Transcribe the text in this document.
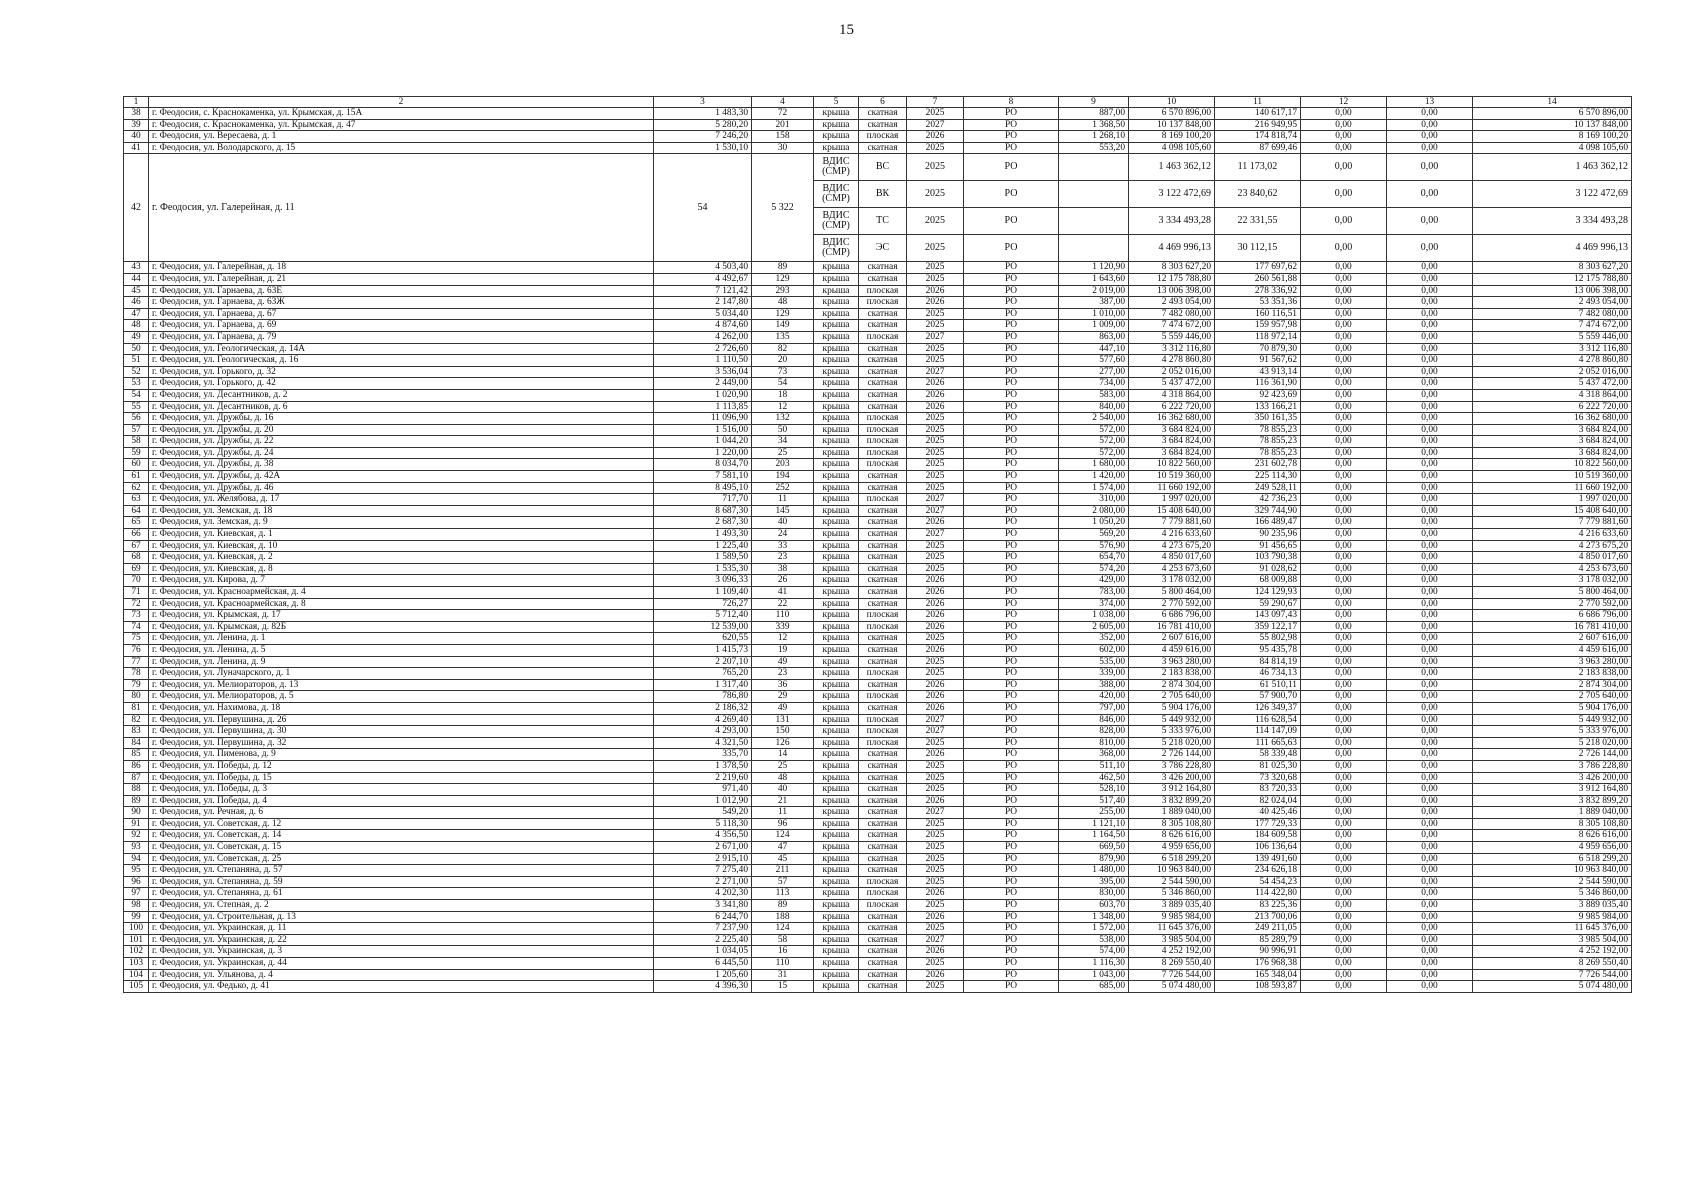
15
1	2	3	4	5	6	7	8	9	10	11	12	13	14
38	г. Феодосия, с. Краснокаменка, ул. Крымская, д. 15А	1 483,30	72	крыша	скатная	2025	РО	887,00	6 570 896,00	140 617,17	0,00	0,00	6 570 896,00
39	г. Феодосия, с. Краснокаменка, ул. Крымская, д. 47	5 280,20	201	крыша	скатная	2027	РО	1 368,50	10 137 848,00	216 949,95	0,00	0,00	10 137 848,00
40	г. Феодосия, ул. Вересаева, д. 1	7 246,20	158	крыша	плоская	2026	РО	1 268,10	8 169 100,20	174 818,74	0,00	0,00	8 169 100,20
41	г. Феодосия, ул. Володарского, д. 15	1 530,10	30	крыша	скатная	2025	РО	553,20	4 098 105,60	87 699,46	0,00	0,00	4 098 105,60
42	г. Феодосия, ул. Галерейная, д. 11	54	5 322	ВДИС (СМР)	ВС	2025	РО		1 463 362,12	11 173,02	0,00	0,00	1 463 362,12
				ВДИС (СМР)	ВК	2025	РО		3 122 472,69	23 840,62	0,00	0,00	3 122 472,69
				ВДИС (СМР)	ТС	2025	РО		3 334 493,28	22 331,55	0,00	0,00	3 334 493,28
				ВДИС (СМР)	ЭС	2025	РО		4 469 996,13	30 112,15	0,00	0,00	4 469 996,13
43	г. Феодосия, ул. Галерейная, д. 18	4 503,40	89	крыша	скатная	2025	РО	1 120,90	8 303 627,20	177 697,62	0,00	0,00	8 303 627,20
44	г. Феодосия, ул. Галерейная, д. 21	4 492,67	129	крыша	скатная	2025	РО	1 643,60	12 175 788,80	260 561,88	0,00	0,00	12 175 788,80
45	г. Феодосия, ул. Гарнаева, д. 63Е	7 121,42	293	крыша	плоская	2026	РО	2 019,00	13 006 398,00	278 336,92	0,00	0,00	13 006 398,00
46	г. Феодосия, ул. Гарнаева, д. 63Ж	2 147,80	48	крыша	плоская	2026	РО	387,00	2 493 054,00	53 351,36	0,00	0,00	2 493 054,00
47	г. Феодосия, ул. Гарнаева, д. 67	5 034,40	129	крыша	скатная	2025	РО	1 010,00	7 482 080,00	160 116,51	0,00	0,00	7 482 080,00
48	г. Феодосия, ул. Гарнаева, д. 69	4 874,60	149	крыша	скатная	2025	РО	1 009,00	7 474 672,00	159 957,98	0,00	0,00	7 474 672,00
49	г. Феодосия, ул. Гарнаева, д. 79	4 262,00	135	крыша	плоская	2027	РО	863,00	5 559 446,00	118 972,14	0,00	0,00	5 559 446,00
50	г. Феодосия, ул. Геологическая, д. 14А	2 726,60	82	крыша	скатная	2025	РО	447,10	3 312 116,80	70 879,30	0,00	0,00	3 312 116,80
51	г. Феодосия, ул. Геологическая, д. 16	1 110,50	20	крыша	скатная	2025	РО	577,60	4 278 860,80	91 567,62	0,00	0,00	4 278 860,80
52	г. Феодосия, ул. Горького, д. 32	3 536,04	73	крыша	скатная	2027	РО	277,00	2 052 016,00	43 913,14	0,00	0,00	2 052 016,00
53	г. Феодосия, ул. Горького, д. 42	2 449,00	54	крыша	скатная	2026	РО	734,00	5 437 472,00	116 361,90	0,00	0,00	5 437 472,00
54	г. Феодосия, ул. Десантников, д. 2	1 020,90	18	крыша	скатная	2026	РО	583,00	4 318 864,00	92 423,69	0,00	0,00	4 318 864,00
55	г. Феодосия, ул. Десантников, д. 6	1 113,85	12	крыша	скатная	2026	РО	840,00	6 222 720,00	133 166,21	0,00	0,00	6 222 720,00
56	г. Феодосия, ул. Дружбы, д. 16	11 096,90	132	крыша	плоская	2025	РО	2 540,00	16 362 680,00	350 161,35	0,00	0,00	16 362 680,00
57	г. Феодосия, ул. Дружбы, д. 20	1 516,00	50	крыша	плоская	2025	РО	572,00	3 684 824,00	78 855,23	0,00	0,00	3 684 824,00
58	г. Феодосия, ул. Дружбы, д. 22	1 044,20	34	крыша	плоская	2025	РО	572,00	3 684 824,00	78 855,23	0,00	0,00	3 684 824,00
59	г. Феодосия, ул. Дружбы, д. 24	1 220,00	25	крыша	плоская	2025	РО	572,00	3 684 824,00	78 855,23	0,00	0,00	3 684 824,00
60	г. Феодосия, ул. Дружбы, д. 38	8 034,70	203	крыша	плоская	2025	РО	1 680,00	10 822 560,00	231 602,78	0,00	0,00	10 822 560,00
61	г. Феодосия, ул. Дружбы, д. 42А	7 581,10	194	крыша	скатная	2025	РО	1 420,00	10 519 360,00	225 114,30	0,00	0,00	10 519 360,00
62	г. Феодосия, ул. Дружбы, д. 46	8 495,10	252	крыша	скатная	2025	РО	1 574,00	11 660 192,00	249 528,11	0,00	0,00	11 660 192,00
63	г. Феодосия, ул. Желябова, д. 17	717,70	11	крыша	плоская	2027	РО	310,00	1 997 020,00	42 736,23	0,00	0,00	1 997 020,00
64	г. Феодосия, ул. Земская, д. 18	8 687,30	145	крыша	скатная	2027	РО	2 080,00	15 408 640,00	329 744,90	0,00	0,00	15 408 640,00
65	г. Феодосия, ул. Земская, д. 9	2 687,30	40	крыша	скатная	2026	РО	1 050,20	7 779 881,60	166 489,47	0,00	0,00	7 779 881,60
66	г. Феодосия, ул. Киевская, д. 1	1 493,30	24	крыша	скатная	2027	РО	569,20	4 216 633,60	90 235,96	0,00	0,00	4 216 633,60
67	г. Феодосия, ул. Киевская, д. 10	1 225,40	33	крыша	скатная	2025	РО	576,90	4 273 675,20	91 456,65	0,00	0,00	4 273 675,20
68	г. Феодосия, ул. Киевская, д. 2	1 589,50	23	крыша	скатная	2025	РО	654,70	4 850 017,60	103 790,38	0,00	0,00	4 850 017,60
69	г. Феодосия, ул. Киевская, д. 8	1 535,30	38	крыша	скатная	2025	РО	574,20	4 253 673,60	91 028,62	0,00	0,00	4 253 673,60
70	г. Феодосия, ул. Кирова, д. 7	3 096,33	26	крыша	скатная	2026	РО	429,00	3 178 032,00	68 009,88	0,00	0,00	3 178 032,00
71	г. Феодосия, ул. Красноармейская, д. 4	1 109,40	41	крыша	скатная	2026	РО	783,00	5 800 464,00	124 129,93	0,00	0,00	5 800 464,00
72	г. Феодосия, ул. Красноармейская, д. 8	726,27	22	крыша	скатная	2026	РО	374,00	2 770 592,00	59 290,67	0,00	0,00	2 770 592,00
73	г. Феодосия, ул. Крымская, д. 17	5 712,40	110	крыша	плоская	2026	РО	1 038,00	6 686 796,00	143 097,43	0,00	0,00	6 686 796,00
74	г. Феодосия, ул. Крымская, д. 82Б	12 539,00	339	крыша	плоская	2026	РО	2 605,00	16 781 410,00	359 122,17	0,00	0,00	16 781 410,00
75	г. Феодосия, ул. Ленина, д. 1	620,55	12	крыша	скатная	2025	РО	352,00	2 607 616,00	55 802,98	0,00	0,00	2 607 616,00
76	г. Феодосия, ул. Ленина, д. 5	1 415,73	19	крыша	скатная	2026	РО	602,00	4 459 616,00	95 435,78	0,00	0,00	4 459 616,00
77	г. Феодосия, ул. Ленина, д. 9	2 207,10	49	крыша	скатная	2025	РО	535,00	3 963 280,00	84 814,19	0,00	0,00	3 963 280,00
78	г. Феодосия, ул. Луначарского, д. 1	765,20	23	крыша	плоская	2025	РО	339,00	2 183 838,00	46 734,13	0,00	0,00	2 183 838,00
79	г. Феодосия, ул. Мелиораторов, д. 13	1 317,40	36	крыша	скатная	2026	РО	388,00	2 874 304,00	61 510,11	0,00	0,00	2 874 304,00
80	г. Феодосия, ул. Мелиораторов, д. 5	786,80	29	крыша	плоская	2026	РО	420,00	2 705 640,00	57 900,70	0,00	0,00	2 705 640,00
81	г. Феодосия, ул. Нахимова, д. 18	2 186,32	49	крыша	скатная	2026	РО	797,00	5 904 176,00	126 349,37	0,00	0,00	5 904 176,00
82	г. Феодосия, ул. Первушина, д. 26	4 269,40	131	крыша	плоская	2027	РО	846,00	5 449 932,00	116 628,54	0,00	0,00	5 449 932,00
83	г. Феодосия, ул. Первушина, д. 30	4 293,00	150	крыша	плоская	2027	РО	828,00	5 333 976,00	114 147,09	0,00	0,00	5 333 976,00
84	г. Феодосия, ул. Первушина, д. 32	4 321,50	126	крыша	плоская	2025	РО	810,00	5 218 020,00	111 665,63	0,00	0,00	5 218 020,00
85	г. Феодосия, ул. Пименова, д. 9	335,70	14	крыша	скатная	2026	РО	368,00	2 726 144,00	58 339,48	0,00	0,00	2 726 144,00
86	г. Феодосия, ул. Победы, д. 12	1 378,50	25	крыша	скатная	2025	РО	511,10	3 786 228,80	81 025,30	0,00	0,00	3 786 228,80
87	г. Феодосия, ул. Победы, д. 15	2 219,60	48	крыша	скатная	2025	РО	462,50	3 426 200,00	73 320,68	0,00	0,00	3 426 200,00
88	г. Феодосия, ул. Победы, д. 3	971,40	40	крыша	скатная	2025	РО	528,10	3 912 164,80	83 720,33	0,00	0,00	3 912 164,80
89	г. Феодосия, ул. Победы, д. 4	1 012,90	21	крыша	скатная	2026	РО	517,40	3 832 899,20	82 024,04	0,00	0,00	3 832 899,20
90	г. Феодосия, ул. Речная, д. 6	549,20	11	крыша	скатная	2027	РО	255,00	1 889 040,00	40 425,46	0,00	0,00	1 889 040,00
91	г. Феодосия, ул. Советская, д. 12	5 118,30	96	крыша	скатная	2025	РО	1 121,10	8 305 108,80	177 729,33	0,00	0,00	8 305 108,80
92	г. Феодосия, ул. Советская, д. 14	4 356,50	124	крыша	скатная	2025	РО	1 164,50	8 626 616,00	184 609,58	0,00	0,00	8 626 616,00
93	г. Феодосия, ул. Советская, д. 15	2 671,00	47	крыша	скатная	2025	РО	669,50	4 959 656,00	106 136,64	0,00	0,00	4 959 656,00
94	г. Феодосия, ул. Советская, д. 25	2 915,10	45	крыша	скатная	2025	РО	879,90	6 518 299,20	139 491,60	0,00	0,00	6 518 299,20
95	г. Феодосия, ул. Степаняна, д. 57	7 275,40	211	крыша	скатная	2025	РО	1 480,00	10 963 840,00	234 626,18	0,00	0,00	10 963 840,00
96	г. Феодосия, ул. Степаняна, д. 59	2 271,00	57	крыша	плоская	2025	РО	395,00	2 544 590,00	54 454,23	0,00	0,00	2 544 590,00
97	г. Феодосия, ул. Степаняна, д. 61	4 202,30	113	крыша	плоская	2026	РО	830,00	5 346 860,00	114 422,80	0,00	0,00	5 346 860,00
98	г. Феодосия, ул. Степная, д. 2	3 341,80	89	крыша	плоская	2025	РО	603,70	3 889 035,40	83 225,36	0,00	0,00	3 889 035,40
99	г. Феодосия, ул. Строительная, д. 13	6 244,70	188	крыша	скатная	2026	РО	1 348,00	9 985 984,00	213 700,06	0,00	0,00	9 985 984,00
100	г. Феодосия, ул. Украинская, д. 11	7 237,90	124	крыша	скатная	2025	РО	1 572,00	11 645 376,00	249 211,05	0,00	0,00	11 645 376,00
101	г. Феодосия, ул. Украинская, д. 22	2 225,40	58	крыша	скатная	2027	РО	538,00	3 985 504,00	85 289,79	0,00	0,00	3 985 504,00
102	г. Феодосия, ул. Украинская, д. 3	1 034,05	16	крыша	скатная	2026	РО	574,00	4 252 192,00	90 996,91	0,00	0,00	4 252 192,00
103	г. Феодосия, ул. Украинская, д. 44	6 445,50	110	крыша	скатная	2025	РО	1 116,30	8 269 550,40	176 968,38	0,00	0,00	8 269 550,40
104	г. Феодосия, ул. Ульянова, д. 4	1 205,60	31	крыша	скатная	2026	РО	1 043,00	7 726 544,00	165 348,04	0,00	0,00	7 726 544,00
105	г. Феодосия, ул. Федько, д. 41	4 396,30	15	крыша	скатная	2025	РО	685,00	5 074 480,00	108 593,87	0,00	0,00	5 074 480,00
